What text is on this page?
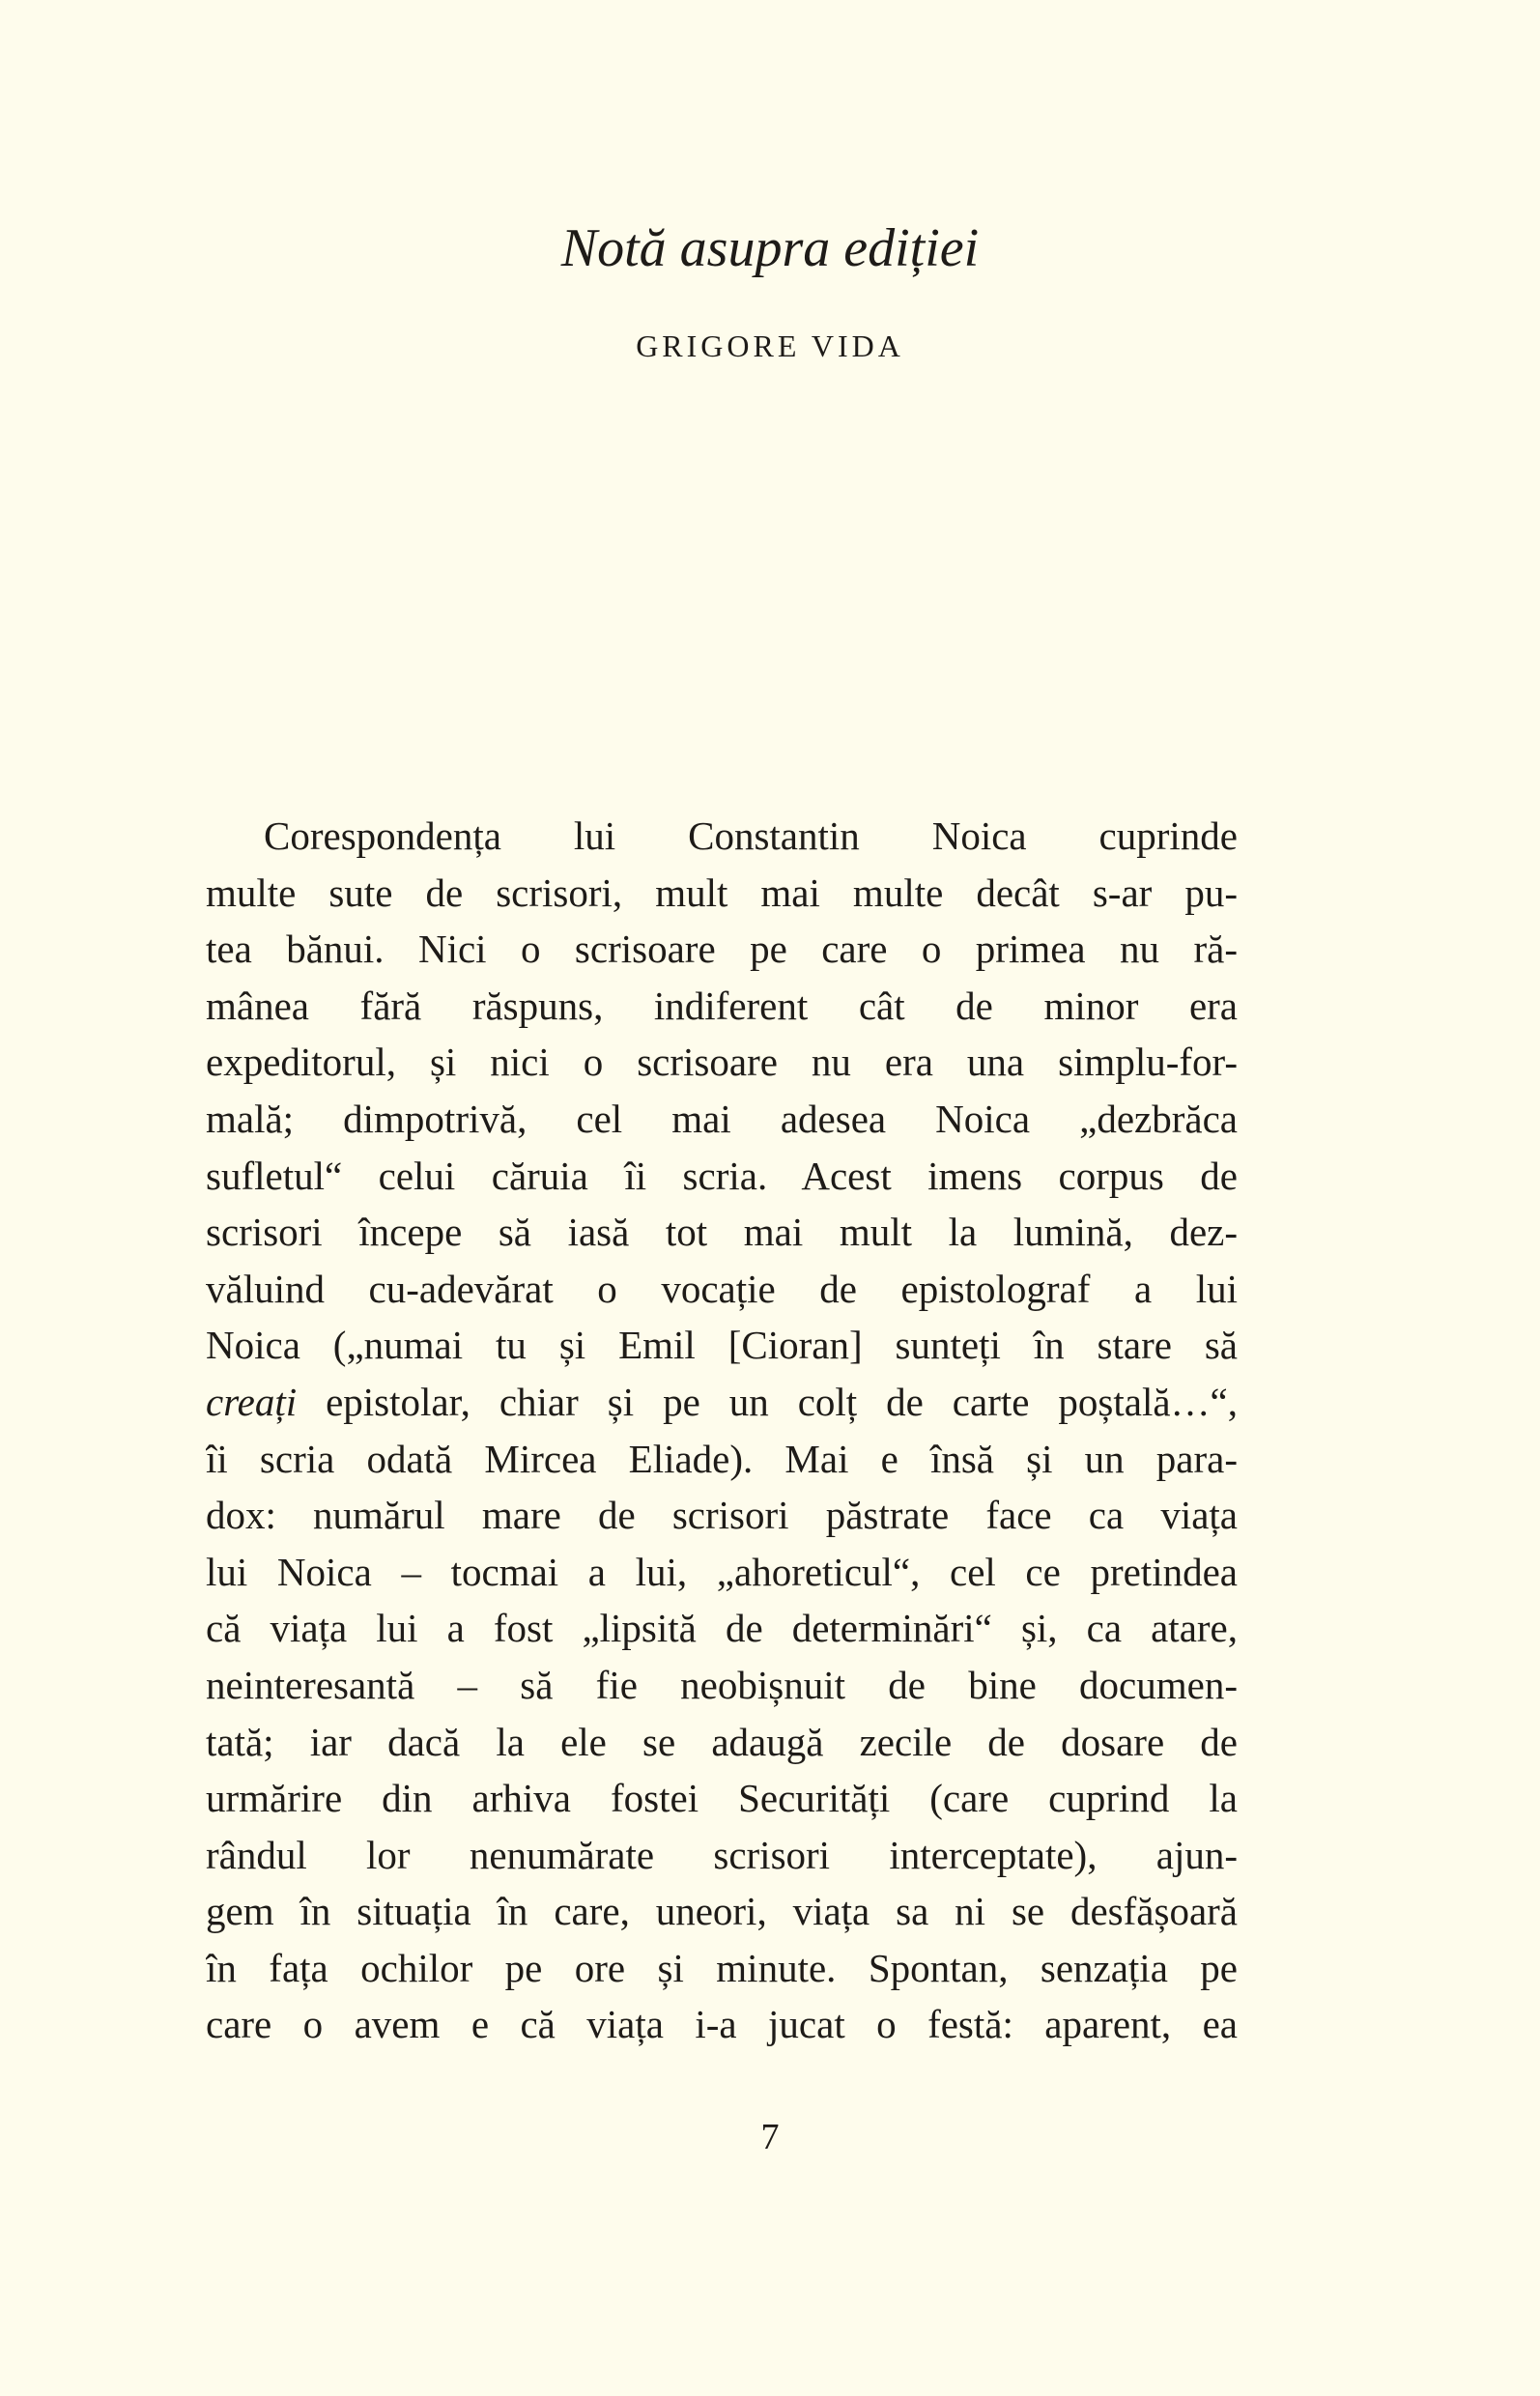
Notă asupra ediției
GRIGORE VIDA
Corespondența lui Constantin Noica cuprinde
multe sute de scrisori, mult mai multe decât s-ar pu-
tea bănui. Nici o scrisoare pe care o primea nu ră-
mânea fără răspuns, indiferent cât de minor era
expeditorul, și nici o scrisoare nu era una simplu-for-
mală; dimpotrivă, cel mai adesea Noica „dezbrăca
sufletul“ celui căruia îi scria. Acest imens corpus de
scrisori începe să iasă tot mai mult la lumină, dez-
văluind cu-adevărat o vocație de epistolograf a lui
Noica („numai tu și Emil [Cioran] sunteți în stare să
creați epistolar, chiar și pe un colț de carte poștală…“,
îi scria odată Mircea Eliade). Mai e însă și un para-
dox: numărul mare de scrisori păstrate face ca viața
lui Noica – tocmai a lui, „ahoreticul“, cel ce pretindea
că viața lui a fost „lipsită de determinări“ și, ca atare,
neinteresantă – să fie neobișnuit de bine documen-
tată; iar dacă la ele se adaugă zecile de dosare de
urmărire din arhiva fostei Securități (care cuprind la
rândul lor nenumărate scrisori interceptate), ajun-
gem în situația în care, uneori, viața sa ni se desfășoară
în fața ochilor pe ore și minute. Spontan, senzația pe
care o avem e că viața i-a jucat o festă: aparent, ea
7
